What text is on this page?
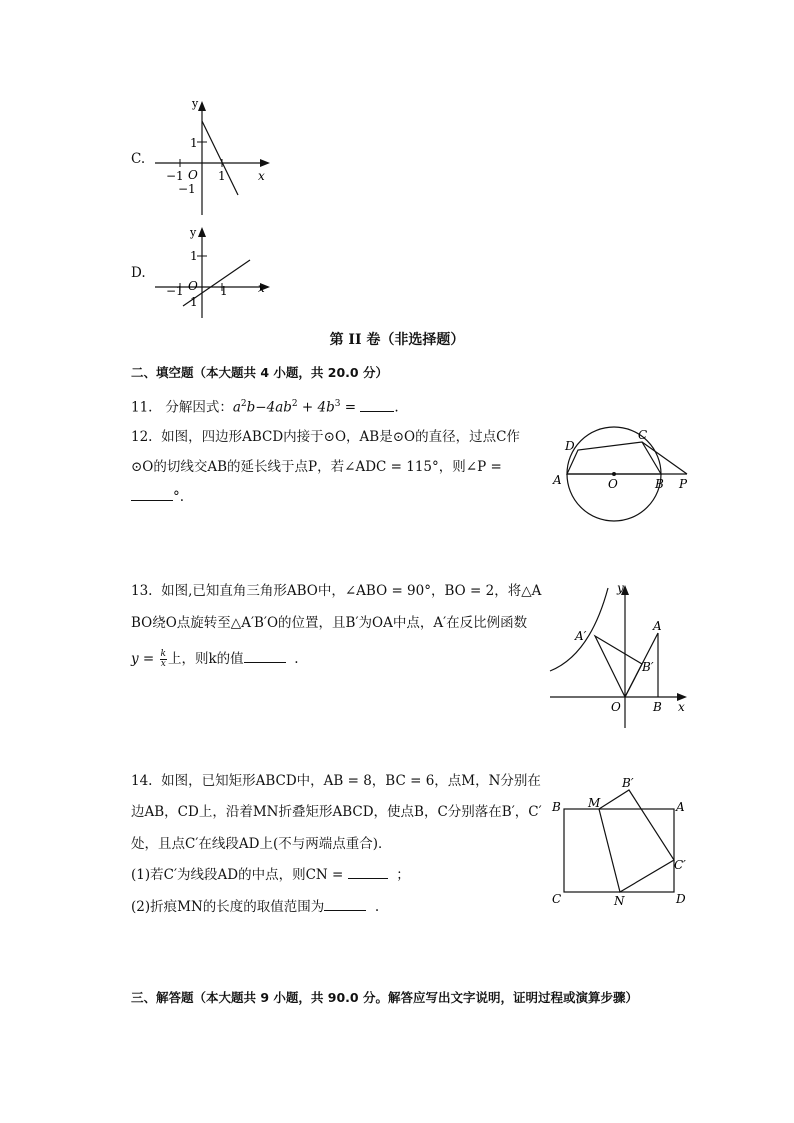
C.
y
x
1
−1 O 1
−1
D.
y
x
1
−1 O 1
1
第 II 卷（非选择题）
二、填空题（本大题共 4 小题，共 20.0 分）
11. 分解因式：$a^2b-4ab^2 + 4b^3$ =	.
12. 如图，四边形ABCD内接于⊙O，AB是⊙O的直径，过点C作
⊙O的切线交AB的延长线于点P，若∠ADC = 115°，则∠P =
°.
D
C
A	O	B P
13. 如图,已知直角三角形ABO中，∠ABO = 90°，BO = 2，将△A
BO绕O点旋转至△A′B′O的位置，且B′为OA中点，A′在反比例函数
$y = \frac{k}{x}$ 上，则k的值	.
y
A
A′
B′
O	B x
14. 如图，已知矩形ABCD中，AB = 8，BC = 6，点M，N分别在
边AB，CD上，沿着MN折叠矩形ABCD，使点B，C分别落在B′，C′
处，且点C′在线段AD上(不与两端点重合)．
(1)若C′为线段AD的中点，则CN =	；
(2)折痕MN的长度的取值范围为	.
B′
B M	A
C′
C	N	D
三、解答题（本大题共 9 小题，共 90.0 分。解答应写出文字说明，证明过程或演算步骤）
